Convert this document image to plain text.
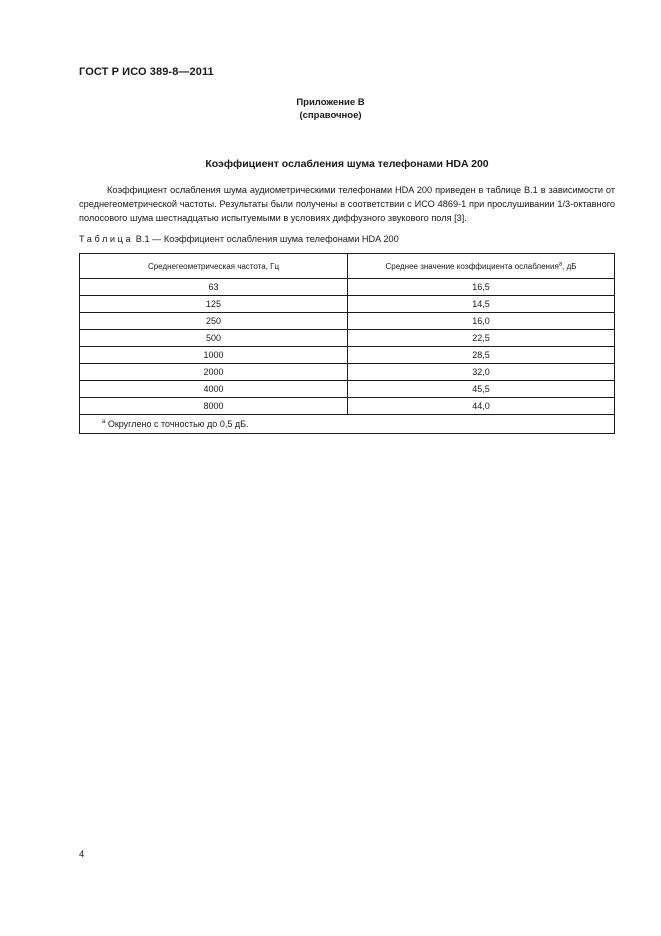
ГОСТ Р ИСО 389-8—2011
Приложение В
(справочное)
Коэффициент ослабления шума телефонами HDA 200

Коэффициент ослабления шума аудиометрическими телефонами HDA 200 приведен в таблице В.1 в зависимости от среднегеометрической частоты. Результаты были получены в соответствии с ИСО 4869-1 при прослушивании 1/3-октавного полосового шума шестнадцатью испытуемыми в условиях диффузного звукового поля [3].

Таблица В.1 — Коэффициент ослабления шума телефонами HDA 200
Среднегеометрическая частота, Гц	Среднее значение коэффициента ослабления$^a$, дБ
63	16,5
125	14,5
250	16,0
500	22,5
1000	28,5
2000	32,0
4000	45,5
8000	44,0
$^a$ Округлено с точностью до 0,5 дБ.	
4
